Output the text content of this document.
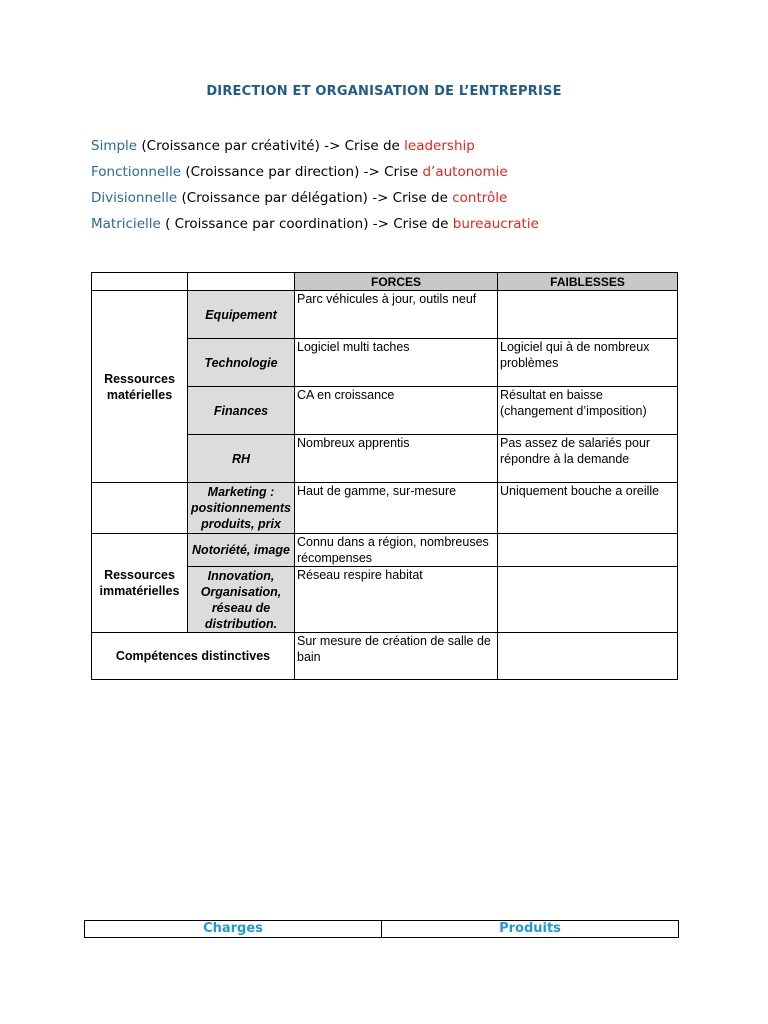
DIRECTION ET ORGANISATION DE L’ENTREPRISE
Simple (Croissance par créativité) -> Crise de leadership
Fonctionnelle (Croissance par direction) -> Crise d’autonomie
Divisionnelle (Croissance par délégation) -> Crise de contrôle
Matricielle ( Croissance par coordination) -> Crise de bureaucratie
		FORCES	FAIBLESSES
Ressources matérielles	Equipement	Parc véhicules à jour, outils neuf	
	Technologie	Logiciel multi taches	Logiciel qui à de nombreux problèmes
	Finances	CA en croissance	Résultat en baisse (changement d’imposition)
	RH	Nombreux apprentis	Pas assez de salariés pour répondre à la demande
	Marketing : positionnements produits, prix	Haut de gamme, sur-mesure	Uniquement bouche a oreille
Ressources immatérielles	Notoriété, image	Connu dans a région, nombreuses récompenses	
	Innovation, Organisation, réseau de distribution.	Réseau respire habitat	
Compétences distinctives		Sur mesure de création de salle de bain	
Charges	Produits
